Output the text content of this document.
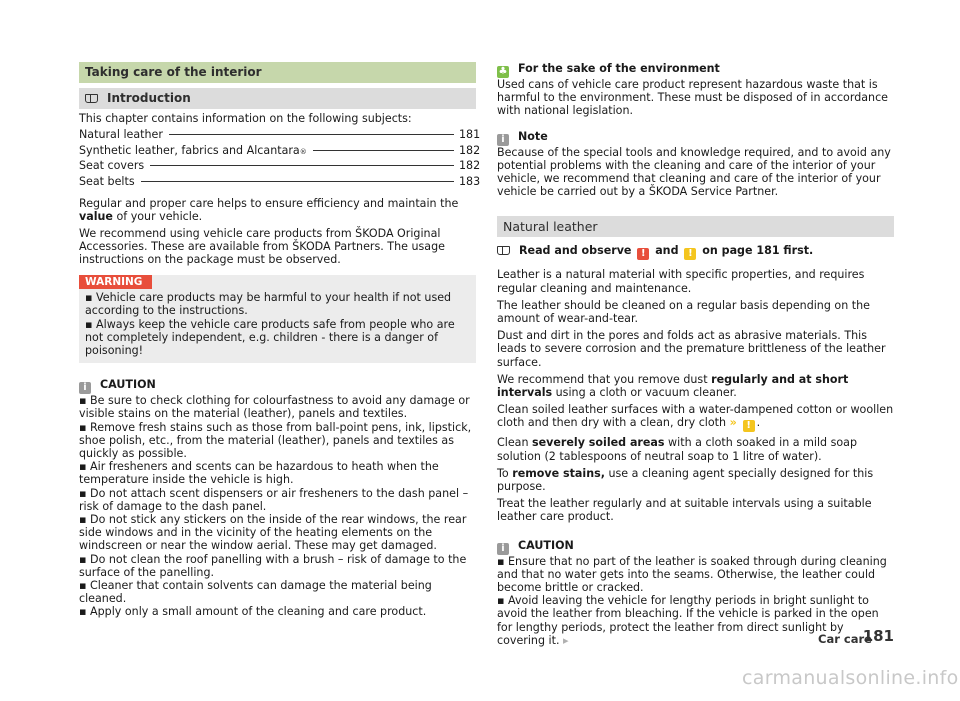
Taking care of the interior
Introduction

This chapter contains information on the following subjects:

Natural leather	181
Synthetic leather, fabrics and Alcantara ®	182
Seat covers	182
Seat belts	183

Regular and proper care helps to ensure efficiency and maintain the value of your vehicle.

We recommend using vehicle care products from ŠKODA Original Accessories. These are available from ŠKODA Partners. The usage instructions on the package must be observed.

WARNING

▪ Vehicle care products may be harmful to your health if not used according to the instructions.

▪ Always keep the vehicle care products safe from people who are not completely independent, e.g. children - there is a danger of poisoning!

i CAUTION

▪ Be sure to check clothing for colourfastness to avoid any damage or visible stains on the material (leather), panels and textiles.

▪ Remove fresh stains such as those from ball-point pens, ink, lipstick, shoe polish, etc., from the material (leather), panels and textiles as quickly as possible.

▪ Air fresheners and scents can be hazardous to heath when the temperature inside the vehicle is high.

▪ Do not attach scent dispensers or air fresheners to the dash panel – risk of damage to the dash panel.

▪ Do not stick any stickers on the inside of the rear windows, the rear side windows and in the vicinity of the heating elements on the windscreen or near the window aerial. These may get damaged.

▪ Do not clean the roof panelling with a brush – risk of damage to the surface of the panelling.

▪ Cleaner that contain solvents can damage the material being cleaned.

▪ Apply only a small amount of the cleaning and care product.

♣ For the sake of the environment

Used cans of vehicle care product represent hazardous waste that is harmful to the environment. These must be disposed of in accordance with national legislation.

i Note

Because of the special tools and knowledge required, and to avoid any potential problems with the cleaning and care of the interior of your vehicle, we recommend that cleaning and care of the interior of your vehicle be carried out by a ŠKODA Service Partner.

Natural leather
Read and observe ! and ! on page 181 first.

Leather is a natural material with specific properties, and requires regular cleaning and maintenance.

The leather should be cleaned on a regular basis depending on the amount of wear-and-tear.

Dust and dirt in the pores and folds act as abrasive materials. This leads to severe corrosion and the premature brittleness of the leather surface.

We recommend that you remove dust regularly and at short intervals using a cloth or vacuum cleaner.

Clean soiled leather surfaces with a water-dampened cotton or woollen cloth and then dry with a clean, dry cloth » ! .

Clean severely soiled areas with a cloth soaked in a mild soap solution (2 tablespoons of neutral soap to 1 litre of water).

To remove stains, use a cleaning agent specially designed for this purpose.

Treat the leather regularly and at suitable intervals using a suitable leather care product.

i CAUTION

▪ Ensure that no part of the leather is soaked through during cleaning and that no water gets into the seams. Otherwise, the leather could become brittle or cracked.

▪ Avoid leaving the vehicle for lengthy periods in bright sunlight to avoid the leather from bleaching. If the vehicle is parked in the open for lengthy periods, protect the leather from direct sunlight by covering it. ▸	Car care
181
carmanualsonline.info
